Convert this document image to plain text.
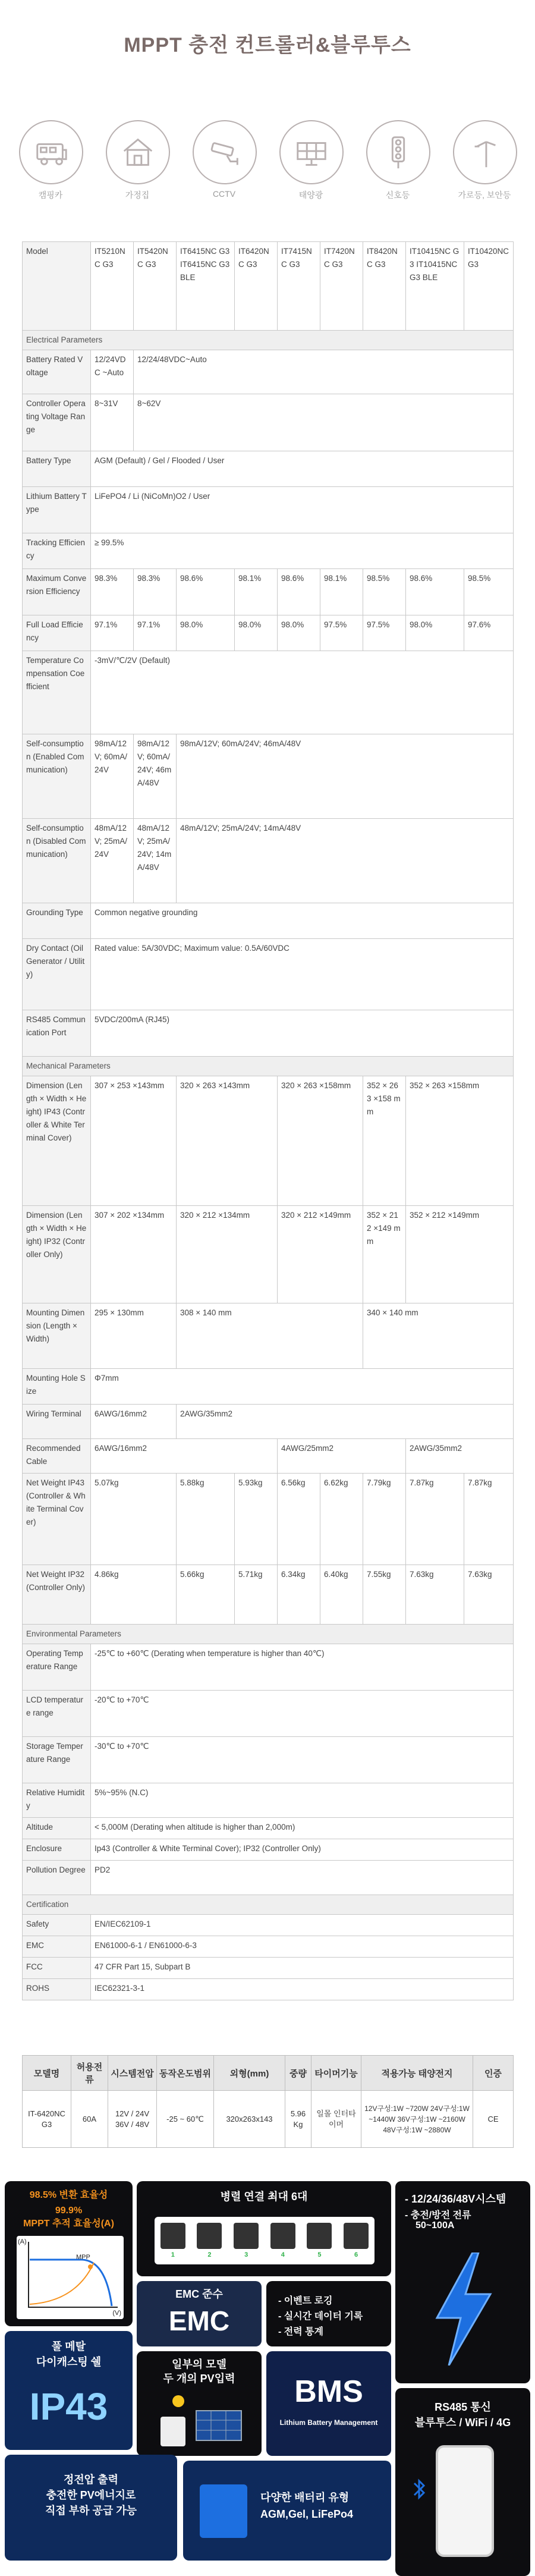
MPPT 충전 컨트롤러&블루투스
캠핑카	가정집	CCTV	태양광	신호등	가로등, 보안등
Model	IT5210NC G3	IT5420NC G3	IT6415NC G3 IT6415NC G3 BLE	IT6420NC G3	IT7415NC G3	IT7420NC G3	IT8420NC G3	IT10415NC G3 IT10415NC G3 BLE	IT10420NC G3
Electrical Parameters									
Battery Rated Voltage	12/24VDC ~Auto	12/24/48VDC~Auto							
Controller Operating Voltage Range	8~31V	8~62V							
Battery Type	AGM (Default) / Gel / Flooded / User								
Lithium Battery Type	LiFePO4 / Li (NiCoMn)O2 / User								
Tracking Efficiency	≥ 99.5%								
Maximum Conversion Efficiency	98.3%	98.3%	98.6%	98.1%	98.6%	98.1%	98.5%	98.6%	98.5%
Full Load Efficiency	97.1%	97.1%	98.0%	98.0%	98.0%	97.5%	97.5%	98.0%	97.6%
Temperature Compensation Coefficient	-3mV/℃/2V (Default)								
Self-consumption (Enabled Communication)	98mA/12V; 60mA/24V	98mA/12V; 60mA/24V; 46mA/48V	98mA/12V; 60mA/24V; 46mA/48V						
Self-consumption (Disabled Communication)	48mA/12V; 25mA/24V	48mA/12V; 25mA/24V; 14mA/48V	48mA/12V; 25mA/24V; 14mA/48V						
Grounding Type	Common negative grounding								
Dry Contact (Oil Generator / Utility)	Rated value: 5A/30VDC; Maximum value: 0.5A/60VDC								
RS485 Communication Port	5VDC/200mA (RJ45)								
Mechanical Parameters									
Dimension (Length × Width × Height) IP43 (Controller & White Terminal Cover)	307 × 253 ×143mm		320 × 263 ×143mm		320 × 263 ×158mm		352 × 263 ×158 mm	352 × 263 ×158mm	
Dimension (Length × Width × Height) IP32 (Controller Only)	307 × 202 ×134mm		320 × 212 ×134mm		320 × 212 ×149mm		352 × 212 ×149 mm	352 × 212 ×149mm	
Mounting Dimension (Length × Width)	295 × 130mm		308 × 140 mm				340 × 140 mm		
Mounting Hole Size	Φ7mm								
Wiring Terminal	6AWG/16mm2		2AWG/35mm2						
Recommended Cable	6AWG/16mm2				4AWG/25mm2			2AWG/35mm2	
Net Weight IP43 (Controller & White Terminal Cover)	5.07kg		5.88kg	5.93kg	6.56kg	6.62kg	7.79kg	7.87kg	7.87kg
Net Weight IP32 (Controller Only)	4.86kg		5.66kg	5.71kg	6.34kg	6.40kg	7.55kg	7.63kg	7.63kg
Environmental Parameters									
Operating Temperature Range	-25℃ to +60℃ (Derating when temperature is higher than 40℃)								
LCD temperature range	-20℃ to +70℃								
Storage Temperature Range	-30℃ to +70℃								
Relative Humidity	5%~95% (N.C)								
Altitude	< 5,000M (Derating when altitude is higher than 2,000m)								
Enclosure	Ip43 (Controller & White Terminal Cover); IP32 (Controller Only)								
Pollution Degree	PD2								
Certification									
Safety	EN/IEC62109-1								
EMC	EN61000-6-1 / EN61000-6-3								
FCC	47 CFR Part 15, Subpart B								
ROHS	IEC62321-3-1								
모델명	허용전류	시스템전압	동작온도범위	외형(mm)	중량	타이머기능	적용가능 태양전지	인증
IT-6420NC G3	60A	12V / 24V 36V / 48V	-25 ~ 60℃	320x263x143	5.96 Kg	일몰 인터타이머	12V구성:1W ~720W 24V구성:1W ~1440W 36V구성:1W ~2160W 48V구성:1W ~2880W	CE
98.5% 변환 효율성
99.9%
MPPT 추적 효율성(A)
(A)
(V)
MPP
병렬 연결 최대 6대
1	2	3	4	5	6
- 12/24/36/48V시스템
- 충전/방전 전류
50~100A
EMC 준수
EMC
- 이벤트 로깅
- 실시간 데이터 기록
- 전력 통계
풀 메탈
다이캐스팅 쉘
IP43
일부의 모델
두 개의 PV입력	BMS
Lithium Battery Management
RS485 통신
블루투스 / WiFi / 4G
정전압 출력
충전한 PV에너지로
직접 부하 공급 가능
다양한 배터리 유형
AGM,Gel, LiFePo4
